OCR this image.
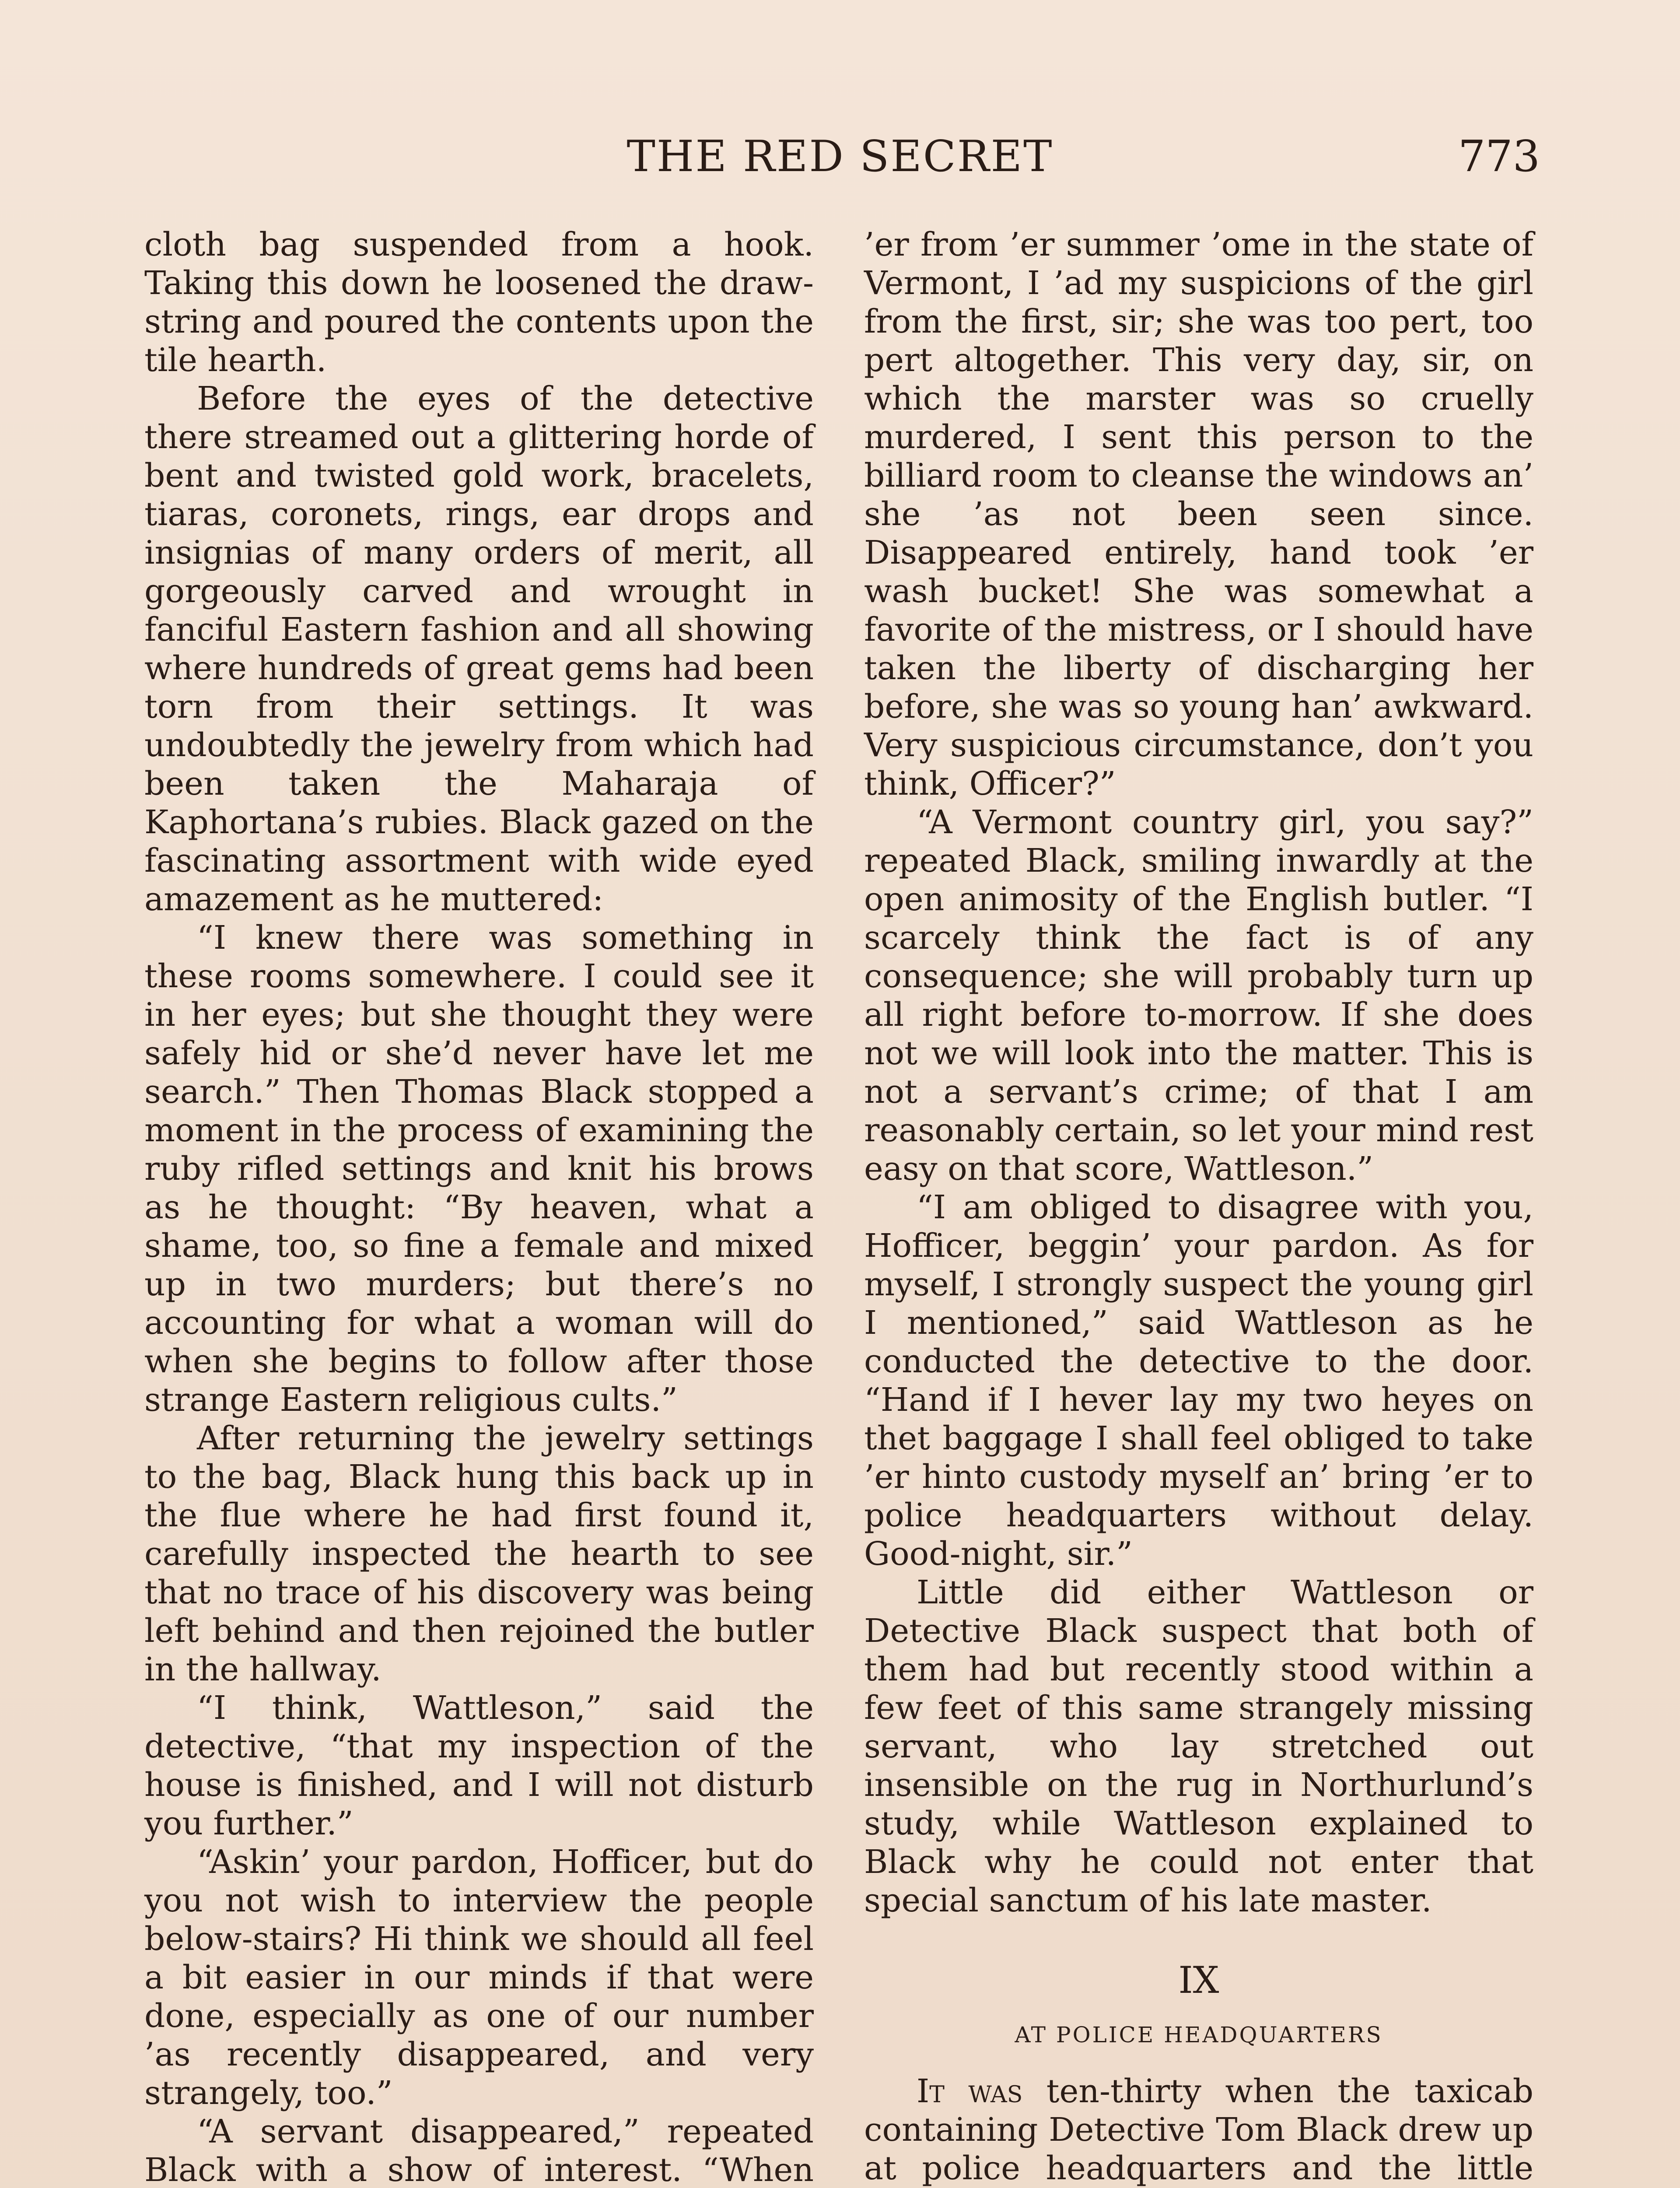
THE RED SECRET	773

cloth bag suspended from a hook. Taking this down he loosened the draw-string and poured the contents upon the tile hearth.

Before the eyes of the detective there streamed out a glittering horde of bent and twisted gold work, bracelets, tiaras, coronets, rings, ear drops and insignias of many orders of merit, all gorgeously carved and wrought in fanciful Eastern fashion and all showing where hundreds of great gems had been torn from their settings. It was undoubtedly the jewelry from which had been taken the Maharaja of Kaphortana’s rubies. Black gazed on the fascinating assortment with wide eyed amazement as he muttered:

“I knew there was something in these rooms somewhere. I could see it in her eyes; but she thought they were safely hid or she’d never have let me search.” Then Thomas Black stopped a moment in the process of examining the ruby rifled settings and knit his brows as he thought: “By heaven, what a shame, too, so fine a female and mixed up in two murders; but there’s no accounting for what a woman will do when she begins to follow after those strange Eastern religious cults.”

After returning the jewelry settings to the bag, Black hung this back up in the flue where he had first found it, carefully inspected the hearth to see that no trace of his discovery was being left behind and then rejoined the butler in the hallway.

“I think, Wattleson,” said the detective, “that my inspection of the house is finished, and I will not disturb you further.”

“Askin’ your pardon, Hofficer, but do you not wish to interview the people below-stairs? Hi think we should all feel a bit easier in our minds if that were done, especially as one of our number ’as recently disappeared, and very strangely, too.”

“A servant disappeared,” repeated Black with a show of interest. “When

’er from ’er summer ’ome in the state of Vermont, I ’ad my suspicions of the girl from the first, sir; she was too pert, too pert altogether. This very day, sir, on which the marster was so cruelly murdered, I sent this person to the billiard room to cleanse the windows an’ she ’as not been seen since. Disappeared entirely, hand took ’er wash bucket! She was somewhat a favorite of the mistress, or I should have taken the liberty of discharging her before, she was so young han’ awkward. Very suspicious circumstance, don’t you think, Officer?”

“A Vermont country girl, you say?” repeated Black, smiling inwardly at the open animosity of the English butler. “I scarcely think the fact is of any consequence; she will probably turn up all right before to-morrow. If she does not we will look into the matter. This is not a servant’s crime; of that I am reasonably certain, so let your mind rest easy on that score, Wattleson.”

“I am obliged to disagree with you, Hofficer, beggin’ your pardon. As for myself, I strongly suspect the young girl I mentioned,” said Wattleson as he conducted the detective to the door. “Hand if I hever lay my two heyes on thet baggage I shall feel obliged to take ’er hinto custody myself an’ bring ’er to police headquarters without delay. Good-night, sir.”

Little did either Wattleson or Detective Black suspect that both of them had but recently stood within a few feet of this same strangely missing servant, who lay stretched out insensible on the rug in Northurlund’s study, while Wattleson explained to Black why he could not enter that special sanctum of his late master.

IX
AT POLICE HEADQUARTERS

It was ten-thirty when the taxicab containing Detective Tom Black drew up at police headquarters and the little
